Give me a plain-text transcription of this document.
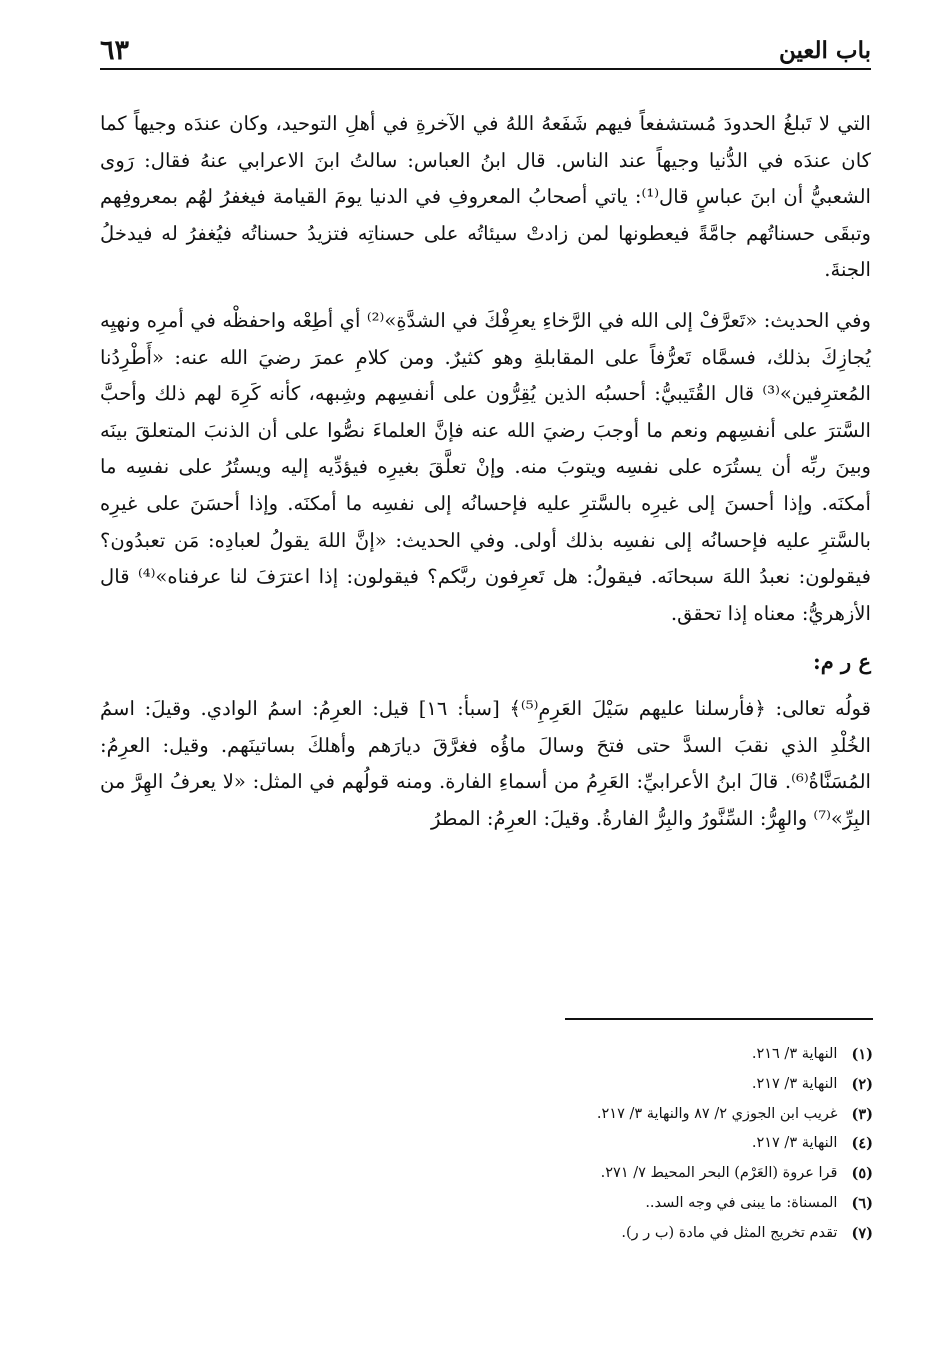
باب العين
٦٣

التي لا تَبلغُ الحدودَ مُستشفعاً فيهم شَفَعهُ اللهُ في الآخرةِ في أهلِ التوحيد، وكان عندَه وجيهاً كما كان عندَه في الدُّنيا وجيهاً عند الناس. قال ابنُ العباس: سالتُ ابنَ الاعرابي عنهُ فقال: رَوى الشعبيُّ أن ابنَ عباسٍ قال⁽¹⁾: ياتي أصحابُ المعروفِ في الدنيا يومَ القيامة فيغفرُ لهُم بمعروفِهم وتبقَى حسناتُهم جامَّةً فيعطونها لمن زادتْ سيئاتُه على حسناتِه فتزيدُ حسناتُه فيُغفرُ له فيدخلُ الجنةَ.

وفي الحديث: «تَعرَّفْ إلى الله في الرَّخاءِ يعرِفْكَ في الشدَّةِ»⁽²⁾ أي أطِعْه واحفظْه في أمرِه ونهيِه يُجازِكَ بذلك، فسمَّاه تَعرُّفاً على المقابلةِ وهو كثيرٌ. ومن كلامِ عمرَ رضيَ الله عنه: «أَطْرِدُنا المُعترِفين»⁽³⁾ قال القُتَيبيُّ: أحسبُه الذين يُقِرُّون على أنفسِهم وشِبهه، كأنه كَرِهَ لهم ذلك وأحبَّ السَّترَ على أنفسِهم ونعم ما أوجبَ رضيَ الله عنه فإنَّ العلماءَ نصُّوا على أن الذنبَ المتعلقَ بينَه وبينَ ربِّه أن يستُرَه على نفسِه ويتوبَ منه. وإنْ تعلَّقَ بغيرِه فيؤدِّيه إليه ويستُرُ على نفسِه ما أمكنَه. وإذا أحسنَ إلى غيرِه بالسَّترِ عليه فإحسانُه إلى نفسِه ما أمكنَه. وإذا أحسَنَ على غيرِه بالسَّترِ عليه فإحسانُه إلى نفسِه بذلك أولى. وفي الحديث: «إنَّ اللهَ يقولُ لعبادِه: مَن تعبدُون؟ فيقولون: نعبدُ اللهَ سبحانَه. فيقولُ: هل تَعرِفون ربَّكم؟ فيقولون: إذا اعترَفَ لنا عرفناه»⁽⁴⁾ قال الأزهريُّ: معناه إذا تحقق.

ع ر م:

قولُه تعالى: ﴿فأرسلنا عليهم سَيْلَ العَرِمِ⁽⁵⁾﴾ [سبأ: ١٦] قيل: العرِمُ: اسمُ الوادي. وقيلَ: اسمُ الخُلْدِ الذي نقبَ السدَّ حتى فتحَ وسالَ ماؤُه فغرَّقَ ديارَهم وأهلكَ بساتينَهم. وقيل: العرِمُ: المُسَنَّاةُ⁽⁶⁾. قالَ ابنُ الأعرابيِّ: العَرِمُ من أسماءِ الفارة. ومنه قولُهم في المثل: «لا يعرفُ الهِرَّ من البِرِّ»⁽⁷⁾ والهِرُّ: السِّنَّورُ والبِرُّ الفارةُ. وقيلَ: العرِمُ: المطرُ

(١)
النهاية ٣/ ٢١٦.
(٢)
النهاية ٣/ ٢١٧.
(٣)
غريب ابن الجوزي ٢/ ٨٧ والنهاية ٣/ ٢١٧.
(٤)
النهاية ٣/ ٢١٧.
(٥)
قرا عروة (العَرْم) البحر المحيط ٧/ ٢٧١.
(٦)
المسناة: ما يبنى في وجه السد..
(٧)
تقدم تخريج المثل في مادة (ب ر ر).
